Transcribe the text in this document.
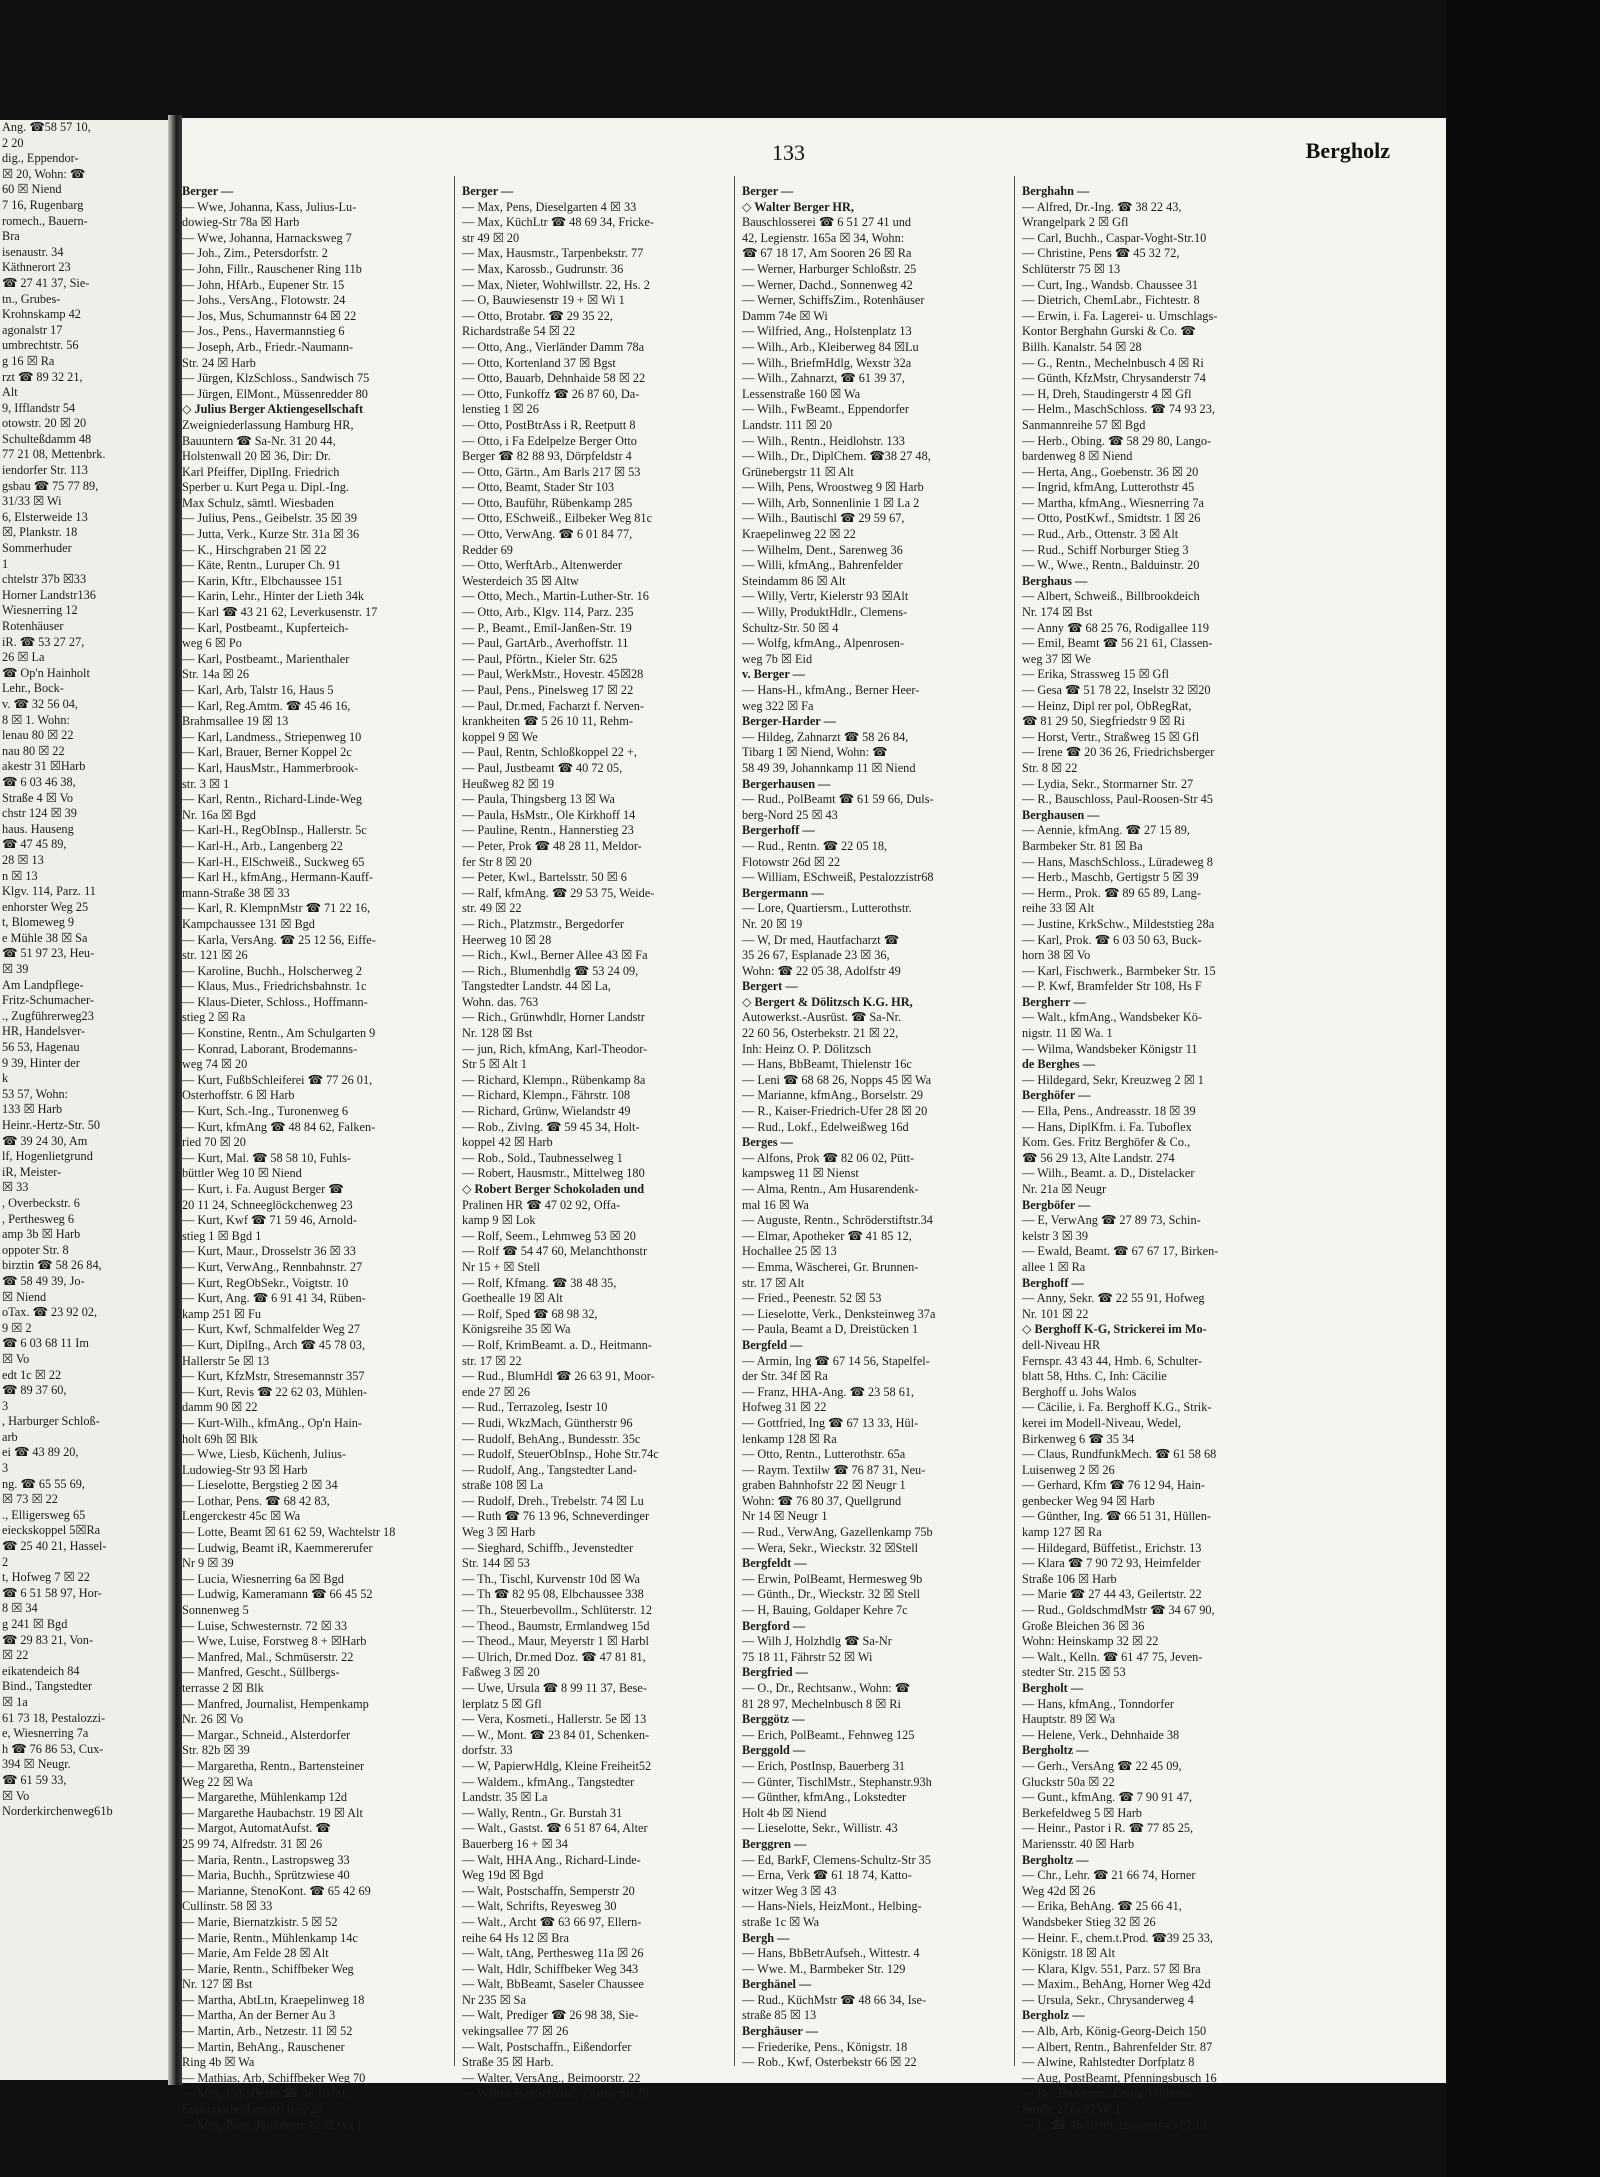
Ang. ☎58 57 10,
2 20
dig., Eppendor-
☒ 20, Wohn: ☎
60 ☒ Niend
7 16, Rugenbarg
romech., Bauern-
Bra
isenaustr. 34
Käthnerort 23
☎ 27 41 37, Sie-
tn., Grubes-
Krohnskamp 42
agonalstr 17
umbrechtstr. 56
g 16 ☒ Ra
rzt ☎ 89 32 21,
Alt
9, Ifflandstr 54
otowstr. 20 ☒ 20
Schulteßdamm 48
77 21 08, Mettenbrk.
iendorfer Str. 113
gsbau ☎ 75 77 89,
31/33 ☒ Wi
6, Elsterweide 13
☒, Plankstr. 18
Sommerhuder
1
chtelstr 37b ☒33
Horner Landstr136
Wiesnerring 12
Rotenhäuser
iR. ☎ 53 27 27,
26 ☒ La
☎ Op'n Hainholt
Lehr., Bock-
v. ☎ 32 56 04,
8 ☒ 1. Wohn:
lenau 80 ☒ 22
nau 80 ☒ 22
akestr 31 ☒Harb
☎ 6 03 46 38,
Straße 4 ☒ Vo
chstr 124 ☒ 39
haus. Hauseng
☎ 47 45 89,
28 ☒ 13
n ☒ 13
Klgv. 114, Parz. 11
enhorster Weg 25
t, Blomeweg 9
e Mühle 38 ☒ Sa
☎ 51 97 23, Heu-
☒ 39
Am Landpflege-
Fritz-Schumacher-
., Zugführerweg23
HR, Handelsver-
56 53, Hagenau
9 39, Hinter der
k
53 57, Wohn:
133 ☒ Harb
Heinr.-Hertz-Str. 50
☎ 39 24 30, Am
lf, Hogenlietgrund
iR, Meister-
☒ 33
, Overbeckstr. 6
, Perthesweg 6
amp 3b ☒ Harb
oppoter Str. 8
birztin ☎ 58 26 84,
☎ 58 49 39, Jo-
☒ Niend
oTax. ☎ 23 92 02,
9 ☒ 2
☎ 6 03 68 11 Im
☒ Vo
edt 1c ☒ 22
☎ 89 37 60,
3
, Harburger Schloß-
arb
ei ☎ 43 89 20,
3
ng. ☎ 65 55 69,
☒ 73 ☒ 22
., Elligersweg 65
eieckskoppel 5☒Ra
☎ 25 40 21, Hassel-
2
t, Hofweg 7 ☒ 22
☎ 6 51 58 97, Hor-
8 ☒ 34
g 241 ☒ Bgd
☎ 29 83 21, Von-
☒ 22
eikatendeich 84
Bind., Tangstedter
☒ 1a
61 73 18, Pestalozzi-
e, Wiesnerring 7a
h ☎ 76 86 53, Cux-
394 ☒ Neugr.
☎ 61 59 33,
☒ Vo
Norderkirchenweg61b
133	Bergholz
Berger —
— Wwe, Johanna, Kass, Julius-Lu-
dowieg-Str 78a ☒ Harb
— Wwe, Johanna, Harnacksweg 7
— Joh., Zim., Petersdorfstr. 2
— John, Fillr., Rauschener Ring 11b
— John, HfArb., Eupener Str. 15
— Johs., VersAng., Flotowstr. 24
— Jos, Mus, Schumannstr 64 ☒ 22
— Jos., Pens., Havermannstieg 6
— Joseph, Arb., Friedr.-Naumann-
Str. 24 ☒ Harb
— Jürgen, KlzSchloss., Sandwisch 75
— Jürgen, ElMont., Müssenredder 80
◇ Julius Berger Aktiengesellschaft
Zweigniederlassung Hamburg HR,
Bauuntern ☎ Sa-Nr. 31 20 44,
Holstenwall 20 ☒ 36, Dir: Dr.
Karl Pfeiffer, DiplIng. Friedrich
Sperber u. Kurt Pega u. Dipl.-Ing.
Max Schulz, sämtl. Wiesbaden
— Julius, Pens., Geibelstr. 35 ☒ 39
— Jutta, Verk., Kurze Str. 31a ☒ 36
— K., Hirschgraben 21 ☒ 22
— Käte, Rentn., Luruper Ch. 91
— Karin, Kftr., Elbchaussee 151
— Karin, Lehr., Hinter der Lieth 34k
— Karl ☎ 43 21 62, Leverkusenstr. 17
— Karl, Postbeamt., Kupferteich-
weg 6 ☒ Po
— Karl, Postbeamt., Marienthaler
Str. 14a ☒ 26
— Karl, Arb, Talstr 16, Haus 5
— Karl, Reg.Amtm. ☎ 45 46 16,
Brahmsallee 19 ☒ 13
— Karl, Landmess., Striepenweg 10
— Karl, Brauer, Berner Koppel 2c
— Karl, HausMstr., Hammerbrook-
str. 3 ☒ 1
— Karl, Rentn., Richard-Linde-Weg
Nr. 16a ☒ Bgd
— Karl-H., RegObInsp., Hallerstr. 5c
— Karl-H., Arb., Langenberg 22
— Karl-H., ElSchweiß., Suckweg 65
— Karl H., kfmAng., Hermann-Kauff-
mann-Straße 38 ☒ 33
— Karl, R. KlempnMstr ☎ 71 22 16,
Kampchaussee 131 ☒ Bgd
— Karla, VersAng. ☎ 25 12 56, Eiffe-
str. 121 ☒ 26
— Karoline, Buchh., Holscherweg 2
— Klaus, Mus., Friedrichsbahnstr. 1c
— Klaus-Dieter, Schloss., Hoffmann-
stieg 2 ☒ Ra
— Konstine, Rentn., Am Schulgarten 9
— Konrad, Laborant, Brodemanns-
weg 74 ☒ 20
— Kurt, FußbSchleiferei ☎ 77 26 01,
Osterhoffstr. 6 ☒ Harb
— Kurt, Sch.-Ing., Turonenweg 6
— Kurt, kfmAng ☎ 48 84 62, Falken-
ried 70 ☒ 20
— Kurt, Mal. ☎ 58 58 10, Fuhls-
büttler Weg 10 ☒ Niend
— Kurt, i. Fa. August Berger ☎
20 11 24, Schneeglöckchenweg 23
— Kurt, Kwf ☎ 71 59 46, Arnold-
stieg 1 ☒ Bgd 1
— Kurt, Maur., Drosselstr 36 ☒ 33
— Kurt, VerwAng., Rennbahnstr. 27
— Kurt, RegObSekr., Voigtstr. 10
— Kurt, Ang. ☎ 6 91 41 34, Rüben-
kamp 251 ☒ Fu
— Kurt, Kwf, Schmalfelder Weg 27
— Kurt, DiplIng., Arch ☎ 45 78 03,
Hallerstr 5e ☒ 13
— Kurt, KfzMstr, Stresemannstr 357
— Kurt, Revis ☎ 22 62 03, Mühlen-
damm 90 ☒ 22
— Kurt-Wilh., kfmAng., Op'n Hain-
holt 69h ☒ Blk
— Wwe, Liesb, Küchenh, Julius-
Ludowieg-Str 93 ☒ Harb
— Lieselotte, Bergstieg 2 ☒ 34
— Lothar, Pens. ☎ 68 42 83,
Lengerckestr 45c ☒ Wa
— Lotte, Beamt ☒ 61 62 59, Wachtelstr 18
— Ludwig, Beamt iR, Kaemmererufer
Nr 9 ☒ 39
— Lucia, Wiesnerring 6a ☒ Bgd
— Ludwig, Kameramann ☎ 66 45 52
Sonnenweg 5
— Luise, Schwesternstr. 72 ☒ 33
— Wwe, Luise, Forstweg 8 + ☒Harb
— Manfred, Mal., Schmüserstr. 22
— Manfred, Gescht., Süllbergs-
terrasse 2 ☒ Blk
— Manfred, Journalist, Hempenkamp
Nr. 26 ☒ Vo
— Margar., Schneid., Alsterdorfer
Str. 82b ☒ 39
— Margaretha, Rentn., Bartensteiner
Weg 22 ☒ Wa
— Margarethe, Mühlenkamp 12d
— Margarethe Haubachstr. 19 ☒ Alt
— Margot, AutomatAufst. ☎
25 99 74, Alfredstr. 31 ☒ 26
— Maria, Rentn., Lastropsweg 33
— Maria, Buchh., Sprützwiese 40
— Marianne, StenoKont. ☎ 65 42 69
Cullinstr. 58 ☒ 33
— Marie, Biernatzkistr. 5 ☒ 52
— Marie, Rentn., Mühlenkamp 14c
— Marie, Am Felde 28 ☒ Alt
— Marie, Rentn., Schiffbeker Weg
Nr. 127 ☒ Bst
— Martha, AbtLtn, Kraepelinweg 18
— Martha, An der Berner Au 3
— Martin, Arb., Netzestr. 11 ☒ 52
— Martin, BehAng., Rauschener
Ring 4b ☒ Wa
— Mathias, Arb, Schiffbeker Weg 70
— Max, Fußpfleger ☎ 46 16 80,
Eppendorfer Landstr 6 ☒ 20
— Max, Pens, Jüthornstr 42 ☒ Wa 1
Berger —
— Max, Pens, Dieselgarten 4 ☒ 33
— Max, KüchLtr ☎ 48 69 34, Fricke-
str 49 ☒ 20
— Max, Hausmstr., Tarpenbekstr. 77
— Max, Karossb., Gudrunstr. 36
— Max, Nieter, Wohlwillstr. 22, Hs. 2
— O, Bauwiesenstr 19 + ☒ Wi 1
— Otto, Brotabr. ☎ 29 35 22,
Richardstraße 54 ☒ 22
— Otto, Ang., Vierländer Damm 78a
— Otto, Kortenland 37 ☒ Bgst
— Otto, Bauarb, Dehnhaide 58 ☒ 22
— Otto, Funkoffz ☎ 26 87 60, Da-
lenstieg 1 ☒ 26
— Otto, PostBtrAss i R, Reetputt 8
— Otto, i Fa Edelpelze Berger Otto
Berger ☎ 82 88 93, Dörpfeldstr 4
— Otto, Gärtn., Am Barls 217 ☒ 53
— Otto, Beamt, Stader Str 103
— Otto, Bauführ, Rübenkamp 285
— Otto, ESchweiß., Eilbeker Weg 81c
— Otto, VerwAng. ☎ 6 01 84 77,
Redder 69
— Otto, WerftArb., Altenwerder
Westerdeich 35 ☒ Altw
— Otto, Mech., Martin-Luther-Str. 16
— Otto, Arb., Klgv. 114, Parz. 235
— P., Beamt., Emil-Janßen-Str. 19
— Paul, GartArb., Averhoffstr. 11
— Paul, Pförtn., Kieler Str. 625
— Paul, WerkMstr., Hovestr. 45☒28
— Paul, Pens., Pinelsweg 17 ☒ 22
— Paul, Dr.med, Facharzt f. Nerven-
krankheiten ☎ 5 26 10 11, Rehm-
koppel 9 ☒ We
— Paul, Rentn, Schloßkoppel 22 +,
— Paul, Justbeamt ☎ 40 72 05,
Heußweg 82 ☒ 19
— Paula, Thingsberg 13 ☒ Wa
— Paula, HsMstr., Ole Kirkhoff 14
— Pauline, Rentn., Hannerstieg 23
— Peter, Prok ☎ 48 28 11, Meldor-
fer Str 8 ☒ 20
— Peter, Kwl., Bartelsstr. 50 ☒ 6
— Ralf, kfmAng. ☎ 29 53 75, Weide-
str. 49 ☒ 22
— Rich., Platzmstr., Bergedorfer
Heerweg 10 ☒ 28
— Rich., Kwl., Berner Allee 43 ☒ Fa
— Rich., Blumenhdlg ☎ 53 24 09,
Tangstedter Landstr. 44 ☒ La,
Wohn. das. 763
— Rich., Grünwhdlr, Horner Landstr
Nr. 128 ☒ Bst
— jun, Rich, kfmAng, Karl-Theodor-
Str 5 ☒ Alt 1
— Richard, Klempn., Rübenkamp 8a
— Richard, Klempn., Fährstr. 108
— Richard, Grünw, Wielandstr 49
— Rob., Zivlng. ☎ 59 45 34, Holt-
koppel 42 ☒ Harb
— Rob., Sold., Taubnesselweg 1
— Robert, Hausmstr., Mittelweg 180
◇ Robert Berger Schokoladen und
Pralinen HR ☎ 47 02 92, Offa-
kamp 9 ☒ Lok
— Rolf, Seem., Lehmweg 53 ☒ 20
— Rolf ☎ 54 47 60, Melanchthonstr
Nr 15 + ☒ Stell
— Rolf, Kfmang. ☎ 38 48 35,
Goethealle 19 ☒ Alt
— Rolf, Sped ☎ 68 98 32,
Königsreihe 35 ☒ Wa
— Rolf, KrimBeamt. a. D., Heitmann-
str. 17 ☒ 22
— Rud., BlumHdl ☎ 26 63 91, Moor-
ende 27 ☒ 26
— Rud., Terrazoleg, Isestr 10
— Rudi, WkzMach, Güntherstr 96
— Rudolf, BehAng., Bundesstr. 35c
— Rudolf, SteuerObInsp., Hohe Str.74c
— Rudolf, Ang., Tangstedter Land-
straße 108 ☒ La
— Rudolf, Dreh., Trebelstr. 74 ☒ Lu
— Ruth ☎ 76 13 96, Schneverdinger
Weg 3 ☒ Harb
— Sieghard, Schiffb., Jevenstedter
Str. 144 ☒ 53
— Th., Tischl, Kurvenstr 10d ☒ Wa
— Th ☎ 82 95 08, Elbchaussee 338
— Th., Steuerbevollm., Schlüterstr. 12
— Theod., Baumstr, Ermlandweg 15d
— Theod., Maur, Meyerstr 1 ☒ Harbl
— Ulrich, Dr.med Doz. ☎ 47 81 81,
Faßweg 3 ☒ 20
— Uwe, Ursula ☎ 8 99 11 37, Bese-
lerplatz 5 ☒ Gfl
— Vera, Kosmeti., Hallerstr. 5e ☒ 13
— W., Mont. ☎ 23 84 01, Schenken-
dorfstr. 33
— W, PapierwHdlg, Kleine Freiheit52
— Waldem., kfmAng., Tangstedter
Landstr. 35 ☒ La
— Wally, Rentn., Gr. Burstah 31
— Walt., Gastst. ☎ 6 51 87 64, Alter
Bauerberg 16 + ☒ 34
— Walt, HHA Ang., Richard-Linde-
Weg 19d ☒ Bgd
— Walt, Postschaffn, Semperstr 20
— Walt, Schrifts, Reyesweg 30
— Walt., Archt ☎ 63 66 97, Ellern-
reihe 64 Hs 12 ☒ Bra
— Walt, tAng, Perthesweg 11a ☒ 26
— Walt, Hdlr, Schiffbeker Weg 343
— Walt, BbBeamt, Saseler Chaussee
Nr 235 ☒ Sa
— Walt, Prediger ☎ 26 98 38, Sie-
vekingsallee 77 ☒ 26
— Walt, Postschaffn., Eißendorfer
Straße 35 ☒ Harb.
— Walter, VersAng., Beimoorstr. 22
— Walter, BauSchloss., Tilsiter Str.70
Berger —
◇ Walter Berger HR,
Bauschlosserei ☎ 6 51 27 41 und
42, Legienstr. 165a ☒ 34, Wohn:
☎ 67 18 17, Am Sooren 26 ☒ Ra
— Werner, Harburger Schloßstr. 25
— Werner, Dachd., Sonnenweg 42
— Werner, SchiffsZim., Rotenhäuser
Damm 74e ☒ Wi
— Wilfried, Ang., Holstenplatz 13
— Wilh., Arb., Kleiberweg 84 ☒Lu
— Wilh., BriefmHdlg, Wexstr 32a
— Wilh., Zahnarzt, ☎ 61 39 37,
Lessenstraße 160 ☒ Wa
— Wilh., FwBeamt., Eppendorfer
Landstr. 111 ☒ 20
— Wilh., Rentn., Heidlohstr. 133
— Wilh., Dr., DiplChem. ☎38 27 48,
Grünebergstr 11 ☒ Alt
— Wilh, Pens, Wroostweg 9 ☒ Harb
— Wilh, Arb, Sonnenlinie 1 ☒ La 2
— Wilh., Bautischl ☎ 29 59 67,
Kraepelinweg 22 ☒ 22
— Wilhelm, Dent., Sarenweg 36
— Willi, kfmAng., Bahrenfelder
Steindamm 86 ☒ Alt
— Willy, Vertr, Kielerstr 93 ☒Alt
— Willy, ProduktHdlr., Clemens-
Schultz-Str. 50 ☒ 4
— Wolfg, kfmAng., Alpenrosen-
weg 7b ☒ Eid
v. Berger —
— Hans-H., kfmAng., Berner Heer-
weg 322 ☒ Fa
Berger-Harder —
— Hildeg, Zahnarzt ☎ 58 26 84,
Tibarg 1 ☒ Niend, Wohn: ☎
58 49 39, Johannkamp 11 ☒ Niend
Bergerhausen —
— Rud., PolBeamt ☎ 61 59 66, Duls-
berg-Nord 25 ☒ 43
Bergerhoff —
— Rud., Rentn. ☎ 22 05 18,
Flotowstr 26d ☒ 22
— William, ESchweiß, Pestalozzistr68
Bergermann —
— Lore, Quartiersm., Lutterothstr.
Nr. 20 ☒ 19
— W, Dr med, Hautfacharzt ☎
35 26 67, Esplanade 23 ☒ 36,
Wohn: ☎ 22 05 38, Adolfstr 49
Bergert —
◇ Bergert & Dölitzsch K.G. HR,
Autowerkst.-Ausrüst. ☎ Sa-Nr.
22 60 56, Osterbekstr. 21 ☒ 22,
Inh: Heinz O. P. Dölitzsch
— Hans, BbBeamt, Thielenstr 16c
— Leni ☎ 68 68 26, Nopps 45 ☒ Wa
— Marianne, kfmAng., Borselstr. 29
— R., Kaiser-Friedrich-Ufer 28 ☒ 20
— Rud., Lokf., Edelweißweg 16d
Berges —
— Alfons, Prok ☎ 82 06 02, Pütt-
kampsweg 11 ☒ Nienst
— Alma, Rentn., Am Husarendenk-
mal 16 ☒ Wa
— Auguste, Rentn., Schröderstiftstr.34
— Elmar, Apotheker ☎ 41 85 12,
Hochallee 25 ☒ 13
— Emma, Wäscherei, Gr. Brunnen-
str. 17 ☒ Alt
— Fried., Peenestr. 52 ☒ 53
— Lieselotte, Verk., Denksteinweg 37a
— Paula, Beamt a D, Dreistücken 1
Bergfeld —
— Armin, Ing ☎ 67 14 56, Stapelfel-
der Str. 34f ☒ Ra
— Franz, HHA-Ang. ☎ 23 58 61,
Hofweg 31 ☒ 22
— Gottfried, Ing ☎ 67 13 33, Hül-
lenkamp 128 ☒ Ra
— Otto, Rentn., Lutterothstr. 65a
— Raym. Textilw ☎ 76 87 31, Neu-
graben Bahnhofstr 22 ☒ Neugr 1
Wohn: ☎ 76 80 37, Quellgrund
Nr 14 ☒ Neugr 1
— Rud., VerwAng, Gazellenkamp 75b
— Wera, Sekr., Wieckstr. 32 ☒Stell
Bergfeldt —
— Erwin, PolBeamt, Hermesweg 9b
— Günth., Dr., Wieckstr. 32 ☒ Stell
— H, Bauing, Goldaper Kehre 7c
Bergford —
— Wilh J, Holzhdlg ☎ Sa-Nr
75 18 11, Fährstr 52 ☒ Wi
Bergfried —
— O., Dr., Rechtsanw., Wohn: ☎
81 28 97, Mechelnbusch 8 ☒ Ri
Berggötz —
— Erich, PolBeamt., Fehnweg 125
Berggold —
— Erich, PostInsp, Bauerberg 31
— Günter, TischlMstr., Stephanstr.93h
— Günther, kfmAng., Lokstedter
Holt 4b ☒ Niend
— Lieselotte, Sekr., Willistr. 43
Berggren —
— Ed, BarkF, Clemens-Schultz-Str 35
— Erna, Verk ☎ 61 18 74, Katto-
witzer Weg 3 ☒ 43
— Hans-Niels, HeizMont., Helbing-
straße 1c ☒ Wa
Bergh —
— Hans, BbBetrAufseh., Wittestr. 4
— Wwe. M., Barmbeker Str. 129
Berghänel —
— Rud., KüchMstr ☎ 48 66 34, Ise-
straße 85 ☒ 13
Berghäuser —
— Friederike, Pens., Königstr. 18
— Rob., Kwf, Osterbekstr 66 ☒ 22
Berghahn —
— Alfred, Dr.-Ing. ☎ 38 22 43,
Wrangelpark 2 ☒ Gfl
— Carl, Buchh., Caspar-Voght-Str.10
— Christine, Pens ☎ 45 32 72,
Schlüterstr 75 ☒ 13
— Curt, Ing., Wandsb. Chaussee 31
— Dietrich, ChemLabr., Fichtestr. 8
— Erwin, i. Fa. Lagerei- u. Umschlags-
Kontor Berghahn Gurski & Co. ☎
Billh. Kanalstr. 54 ☒ 28
— G., Rentn., Mechelnbusch 4 ☒ Ri
— Günth, KfzMstr, Chrysanderstr 74
— H, Dreh, Staudingerstr 4 ☒ Gfl
— Helm., MaschSchloss. ☎ 74 93 23,
Sanmannreihe 57 ☒ Bgd
— Herb., Obing. ☎ 58 29 80, Lango-
bardenweg 8 ☒ Niend
— Herta, Ang., Goebenstr. 36 ☒ 20
— Ingrid, kfmAng, Lutterothstr 45
— Martha, kfmAng., Wiesnerring 7a
— Otto, PostKwf., Smidtstr. 1 ☒ 26
— Rud., Arb., Ottenstr. 3 ☒ Alt
— Rud., Schiff Norburger Stieg 3
— W., Wwe., Rentn., Balduinstr. 20
Berghaus —
— Albert, Schweiß., Billbrookdeich
Nr. 174 ☒ Bst
— Anny ☎ 68 25 76, Rodigallee 119
— Emil, Beamt ☎ 56 21 61, Classen-
weg 37 ☒ We
— Erika, Strassweg 15 ☒ Gfl
— Gesa ☎ 51 78 22, Inselstr 32 ☒20
— Heinz, Dipl rer pol, ObRegRat,
☎ 81 29 50, Siegfriedstr 9 ☒ Ri
— Horst, Vertr., Straßweg 15 ☒ Gfl
— Irene ☎ 20 36 26, Friedrichsberger
Str. 8 ☒ 22
— Lydia, Sekr., Stormarner Str. 27
— R., Bauschloss, Paul-Roosen-Str 45
Berghausen —
— Aennie, kfmAng. ☎ 27 15 89,
Barmbeker Str. 81 ☒ Ba
— Hans, MaschSchloss., Lüradeweg 8
— Herb., Maschb, Gertigstr 5 ☒ 39
— Herm., Prok. ☎ 89 65 89, Lang-
reihe 33 ☒ Alt
— Justine, KrkSchw., Mildeststieg 28a
— Karl, Prok. ☎ 6 03 50 63, Buck-
horn 38 ☒ Vo
— Karl, Fischwerk., Barmbeker Str. 15
— P. Kwf, Bramfelder Str 108, Hs F
Bergherr —
— Walt., kfmAng., Wandsbeker Kö-
nigstr. 11 ☒ Wa. 1
— Wilma, Wandsbeker Königstr 11
de Berghes —
— Hildegard, Sekr, Kreuzweg 2 ☒ 1
Berghöfer —
— Ella, Pens., Andreasstr. 18 ☒ 39
— Hans, DiplKfm. i. Fa. Tuboflex
Kom. Ges. Fritz Berghöfer & Co.,
☎ 56 29 13, Alte Landstr. 274
— Wilh., Beamt. a. D., Distelacker
Nr. 21a ☒ Neugr
Bergböfer —
— E, VerwAng ☎ 27 89 73, Schin-
kelstr 3 ☒ 39
— Ewald, Beamt. ☎ 67 67 17, Birken-
allee 1 ☒ Ra
Berghoff —
— Anny, Sekr. ☎ 22 55 91, Hofweg
Nr. 101 ☒ 22
◇ Berghoff K-G, Strickerei im Mo-
dell-Niveau HR
Fernspr. 43 43 44, Hmb. 6, Schulter-
blatt 58, Hths. C, Inh: Cäcilie
Berghoff u. Johs Walos
— Cäcilie, i. Fa. Berghoff K.G., Strik-
kerei im Modell-Niveau, Wedel,
Birkenweg 6 ☎ 35 34
— Claus, RundfunkMech. ☎ 61 58 68
Luisenweg 2 ☒ 26
— Gerhard, Kfm ☎ 76 12 94, Hain-
genbecker Weg 94 ☒ Harb
— Günther, Ing. ☎ 66 51 31, Hüllen-
kamp 127 ☒ Ra
— Hildegard, Büffetist., Erichstr. 13
— Klara ☎ 7 90 72 93, Heimfelder
Straße 106 ☒ Harb
— Marie ☎ 27 44 43, Geilertstr. 22
— Rud., GoldschmdMstr ☎ 34 67 90,
Große Bleichen 36 ☒ 36
Wohn: Heinskamp 32 ☒ 22
— Walt., Kelln. ☎ 61 47 75, Jeven-
stedter Str. 215 ☒ 53
Bergholt —
— Hans, kfmAng., Tonndorfer
Hauptstr. 89 ☒ Wa
— Helene, Verk., Dehnhaide 38
Bergholtz —
— Gerh., VersAng ☎ 22 45 09,
Gluckstr 50a ☒ 22
— Gunt., kfmAng. ☎ 7 90 91 47,
Berkefeldweg 5 ☒ Harb
— Heinr., Pastor i R. ☎ 77 85 25,
Mariensstr. 40 ☒ Harb
Bergholtz —
— Chr., Lehr. ☎ 21 66 74, Horner
Weg 42d ☒ 26
— Erika, BehAng. ☎ 25 66 41,
Wandsbeker Stieg 32 ☒ 26
— Heinr. F., chem.t.Prod. ☎39 25 33,
Königstr. 18 ☒ Alt
— Klara, Klgv. 551, Parz. 57 ☒ Bra
— Maxim., BehAng, Horner Weg 42d
— Ursula, Sekr., Chrysanderweg 4
Bergholz —
— Alb, Arb, König-Georg-Deich 150
— Albert, Rentn., Bahrenfelder Str. 87
— Alwine, Rahlstedter Dorfplatz 8
— Aug, PostBeamt, Pfenningsbusch 16
— Br., BbAmtm., Georg-Wilhelm-
Straße 271a ☒ Wi 1
— E. ☎ 45 80 89, Hansastr 49 ☒ 13
